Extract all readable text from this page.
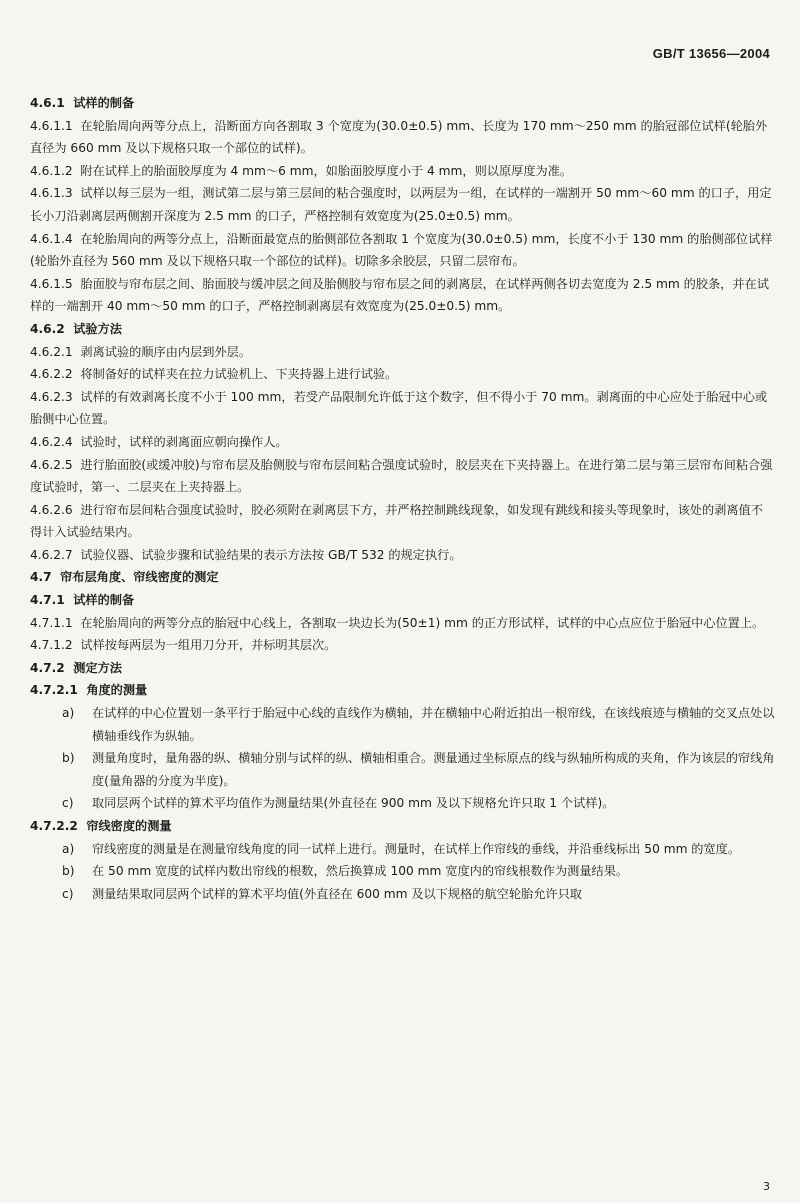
GB/T 13656—2004

4.6.1 试样的制备

4.6.1.1 在轮胎周向两等分点上，沿断面方向各割取 3 个宽度为(30.0±0.5) mm、长度为 170 mm～250 mm 的胎冠部位试样(轮胎外直径为 660 mm 及以下规格只取一个部位的试样)。

4.6.1.2 附在试样上的胎面胶厚度为 4 mm～6 mm，如胎面胶厚度小于 4 mm，则以原厚度为准。

4.6.1.3 试样以每三层为一组，测试第二层与第三层间的粘合强度时，以两层为一组，在试样的一端割开 50 mm～60 mm 的口子，用定长小刀沿剥离层两侧割开深度为 2.5 mm 的口子，严格控制有效宽度为(25.0±0.5) mm。

4.6.1.4 在轮胎周向的两等分点上，沿断面最宽点的胎侧部位各割取 1 个宽度为(30.0±0.5) mm，长度不小于 130 mm 的胎侧部位试样(轮胎外直径为 560 mm 及以下规格只取一个部位的试样)。切除多余胶层，只留二层帘布。

4.6.1.5 胎面胶与帘布层之间、胎面胶与缓冲层之间及胎侧胶与帘布层之间的剥离层，在试样两侧各切去宽度为 2.5 mm 的胶条，并在试样的一端割开 40 mm～50 mm 的口子，严格控制剥离层有效宽度为(25.0±0.5) mm。

4.6.2 试验方法

4.6.2.1 剥离试验的顺序由内层到外层。

4.6.2.2 将制备好的试样夹在拉力试验机上、下夹持器上进行试验。

4.6.2.3 试样的有效剥离长度不小于 100 mm，若受产品限制允许低于这个数字，但不得小于 70 mm。剥离面的中心应处于胎冠中心或胎侧中心位置。

4.6.2.4 试验时，试样的剥离面应朝向操作人。

4.6.2.5 进行胎面胶(或缓冲胶)与帘布层及胎侧胶与帘布层间粘合强度试验时，胶层夹在下夹持器上。在进行第二层与第三层帘布间粘合强度试验时，第一、二层夹在上夹持器上。

4.6.2.6 进行帘布层间粘合强度试验时，胶必须附在剥离层下方，并严格控制跳线现象，如发现有跳线和接头等现象时，该处的剥离值不得计入试验结果内。

4.6.2.7 试验仪器、试验步骤和试验结果的表示方法按 GB/T 532 的规定执行。

4.7 帘布层角度、帘线密度的测定

4.7.1 试样的制备

4.7.1.1 在轮胎周向的两等分点的胎冠中心线上，各割取一块边长为(50±1) mm 的正方形试样，试样的中心点应位于胎冠中心位置上。

4.7.1.2 试样按每两层为一组用刀分开，并标明其层次。

4.7.2 测定方法

4.7.2.1 角度的测量

a)	在试样的中心位置划一条平行于胎冠中心线的直线作为横轴，并在横轴中心附近拍出一根帘线，在该线痕迹与横轴的交叉点处以横轴垂线作为纵轴。
b)	测量角度时，量角器的纵、横轴分别与试样的纵、横轴相重合。测量通过坐标原点的线与纵轴所构成的夹角，作为该层的帘线角度(量角器的分度为半度)。
c)	取同层两个试样的算术平均值作为测量结果(外直径在 900 mm 及以下规格允许只取 1 个试样)。

4.7.2.2 帘线密度的测量

a)	帘线密度的测量是在测量帘线角度的同一试样上进行。测量时，在试样上作帘线的垂线，并沿垂线标出 50 mm 的宽度。
b)	在 50 mm 宽度的试样内数出帘线的根数，然后换算成 100 mm 宽度内的帘线根数作为测量结果。
c)	测量结果取同层两个试样的算术平均值(外直径在 600 mm 及以下规格的航空轮胎允许只取
3
